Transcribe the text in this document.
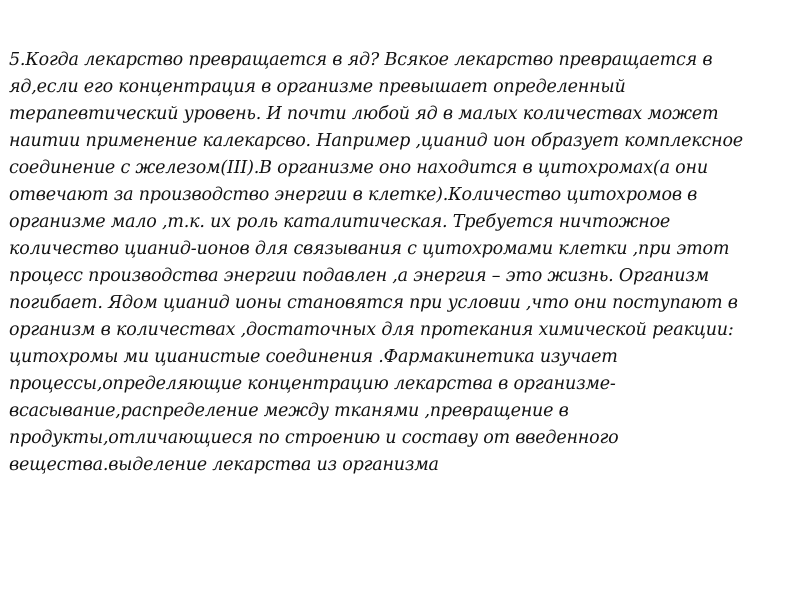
5.Когда лекарство превращается в яд? Всякое лекарство превращается в
яд,если его концентрация в организме превышает определенный
терапевтический уровень. И почти любой яд в малых количествах может
наитии применение калекарсво. Например ,цианид ион образует комплексное
соединение с железом(III).В организме оно находится в цитохромах(а они
отвечают за производство энергии в клетке).Количество цитохромов в
организме мало ,т.к. их роль каталитическая. Требуется ничтожное
количество цианид-ионов для связывания с цитохромами клетки ,при этот
процесс производства энергии подавлен ,а энергия – это жизнь. Организм
погибает. Ядом цианид ионы становятся при условии ,что они поступают в
организм в количествах ,достаточных для протекания химической реакции:
цитохромы ми цианистые соединения .Фармакинетика изучает
процессы,определяющие концентрацию лекарства в организме-
всасывание,распределение между тканями ,превращение в
продукты,отличающиеся по строению и составу от введенного
вещества.выделение лекарства из организма
